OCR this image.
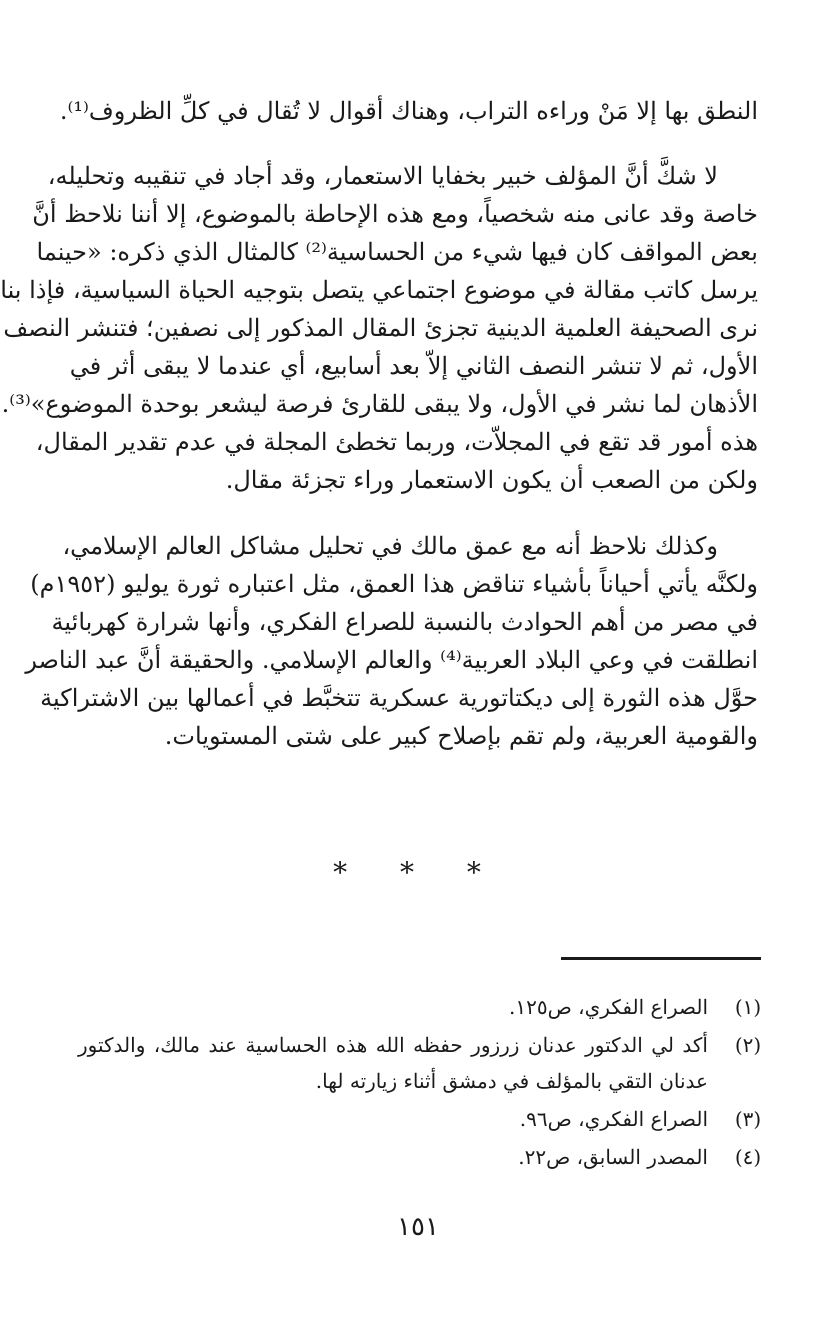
النطق بها إلا مَنْ وراءه التراب، وهناك أقوال لا تُقال في كلِّ الظروف⁽¹⁾.
لا شكَّ أنَّ المؤلف خبير بخفايا الاستعمار، وقد أجاد في تنقيبه وتحليله،
خاصة وقد عانى منه شخصياً، ومع هذه الإحاطة بالموضوع، إلا أننا نلاحظ أنَّ
بعض المواقف كان فيها شيء من الحساسية⁽²⁾ كالمثال الذي ذكره: «حينما
يرسل كاتب مقالة في موضوع اجتماعي يتصل بتوجيه الحياة السياسية، فإذا بنا
نرى الصحيفة العلمية الدينية تجزئ المقال المذكور إلى نصفين؛ فتنشر النصف
الأول، ثم لا تنشر النصف الثاني إلاّ بعد أسابيع، أي عندما لا يبقى أثر في
الأذهان لما نشر في الأول، ولا يبقى للقارئ فرصة ليشعر بوحدة الموضوع»⁽³⁾.
هذه أمور قد تقع في المجلاّت، وربما تخطئ المجلة في عدم تقدير المقال،
ولكن من الصعب أن يكون الاستعمار وراء تجزئة مقال.
وكذلك نلاحظ أنه مع عمق مالك في تحليل مشاكل العالم الإسلامي،
ولكنَّه يأتي أحياناً بأشياء تناقض هذا العمق، مثل اعتباره ثورة يوليو (١٩٥٢م)
في مصر من أهم الحوادث بالنسبة للصراع الفكري، وأنها شرارة كهربائية
انطلقت في وعي البلاد العربية⁽⁴⁾ والعالم الإسلامي. والحقيقة أنَّ عبد الناصر
حوَّل هذه الثورة إلى ديكتاتورية عسكرية تتخبَّط في أعمالها بين الاشتراكية
والقومية العربية، ولم تقم بإصلاح كبير على شتى المستويات.
* * *
(١)
الصراع الفكري، ص١٢٥.
(٢)
أكد لي الدكتور عدنان زرزور حفظه الله هذه الحساسية عند مالك، والدكتور
عدنان التقي بالمؤلف في دمشق أثناء زيارته لها.
(٣)
الصراع الفكري، ص٩٦.
(٤)
المصدر السابق، ص٢٢.
١٥١
